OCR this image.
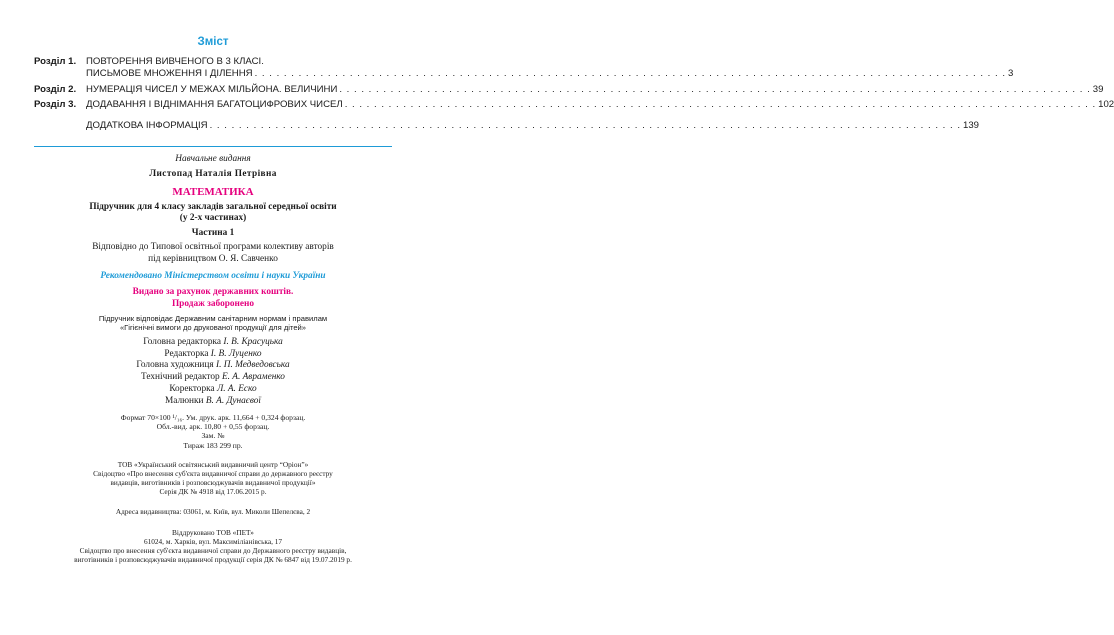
Зміст
Розділ 1.	ПОВТОРЕННЯ ВИВЧЕНОГО В 3 КЛАСІ.
ПИСЬМОВЕ МНОЖЕННЯ І ДІЛЕННЯ . . .	3
Розділ 2.	НУМЕРАЦІЯ ЧИСЕЛ У МЕЖАХ МІЛЬЙОНА. ВЕЛИЧИНИ . . .	39
Розділ 3.	ДОДАВАННЯ І ВІДНІМАННЯ БАГАТОЦИФРОВИХ ЧИСЕЛ . . .	102
ДОДАТКОВА ІНФОРМАЦІЯ . . .	139
Навчальне видання
Листопад Наталія Петрівна
МАТЕМАТИКА
Підручник для 4 класу закладів загальної середньої освіти
(у 2-х частинах)
Частина 1
Відповідно до Типової освітньої програми колективу авторів
під керівництвом О. Я. Савченко
Рекомендовано Міністерством освіти і науки України
Видано за рахунок державних коштів.
Продаж заборонено
Підручник відповідає Державним санітарним нормам і правилам
«Гігієнічні вимоги до друкованої продукції для дітей»
Головна редакторка І. В. Красуцька
Редакторка І. В. Луценко
Головна художниця І. П. Медведовська
Технічний редактор Е. А. Авраменко
Коректорка Л. А. Еско
Малюнки В. А. Дунаєвої
Формат 70×100 ¹/₁₆. Ум. друк. арк. 11,664 + 0,324 форзац.
Обл.-вид. арк. 10,80 + 0,55 форзац.
Зам. №
Тираж 183 299 пр.
ТОВ «Український освітянський видавничий центр “Оріон”»
Свідоцтво «Про внесення суб'єкта видавничої справи до державного реєстру
видавців, виготівників і розповсюджувачів видавничої продукції»
Серія ДК № 4918 від 17.06.2015 р.
Адреса видавництва: 03061, м. Київ, вул. Миколи Шепелєва, 2
Віддруковано ТОВ «ПЕТ»
61024, м. Харків, вул. Максиміліанівська, 17
Свідоцтво про внесення суб'єкта видавничої справи до Державного реєстру видавців,
виготівників і розповсюджувачів видавничої продукції серія ДК № 6847 від 19.07.2019 р.
